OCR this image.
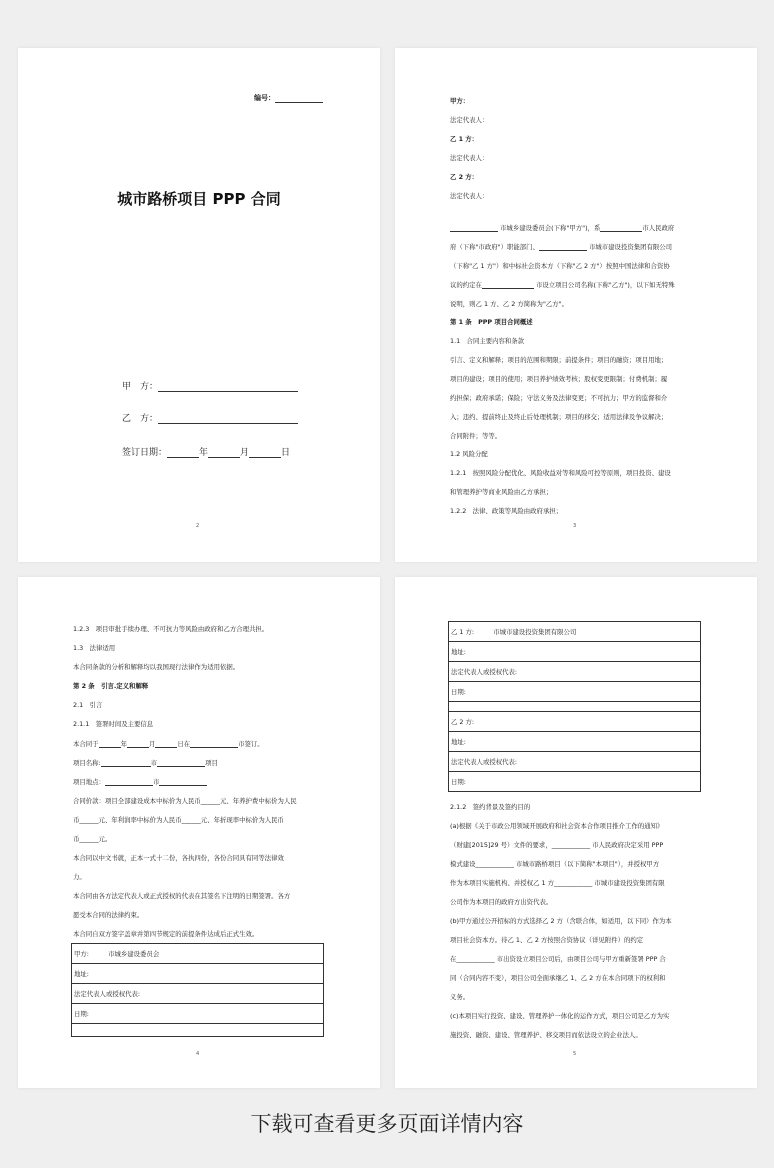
编号：
城市路桥项目 PPP 合同
甲　方：
乙　方：
签订日期：	年	月	日
2
甲方：
法定代表人：
乙 1 方：
法定代表人：
乙 2 方：
法定代表人：
市城乡建设委员会(下称"甲方")，系	市人民政府
府（下称"市政府"）职能部门、	市城市建设投资集团有限公司
（下称"乙 1 方"）和中标社会资本方（下称"乙 2 方"）按照中国法律和合资协
议的约定在	市设立项目公司名称(下称"乙方")，以下如无特殊
说明，则乙 1 方、乙 2 方简称为"乙方"。
第 1 条　PPP 项目合同概述
1.1　合同主要内容和条款
引言、定义和解释；项目的范围和期限；前提条件；项目的融资；项目用地；
项目的建设；项目的使用；项目养护绩效考核；股权变更限制；付费机制；履
约担保；政府承诺；保险；守法义务及法律变更；不可抗力；甲方的监督和介
入；违约、提前终止及终止后处理机制；项目的移交；适用法律及争议解决；
合同附件；等等。
1.2 风险分配
1.2.1　按照风险分配优化、风险收益对等和风险可控等原则，项目投资、建设
和管理养护等商业风险由乙方承担；
1.2.2　法律、政策等风险由政府承担；
3
1.2.3　项目审批手续办理、不可抗力等风险由政府和乙方合理共担。
1.3　法律适用
本合同条款的分析和解释均以我国现行法律作为适用依据。
第 2 条　引言.定义和解释
2.1　引言
2.1.1　签署时间及主要信息
本合同于	年	月	日在	市签订。
项目名称:	市	项目
项目地点：	市
合同价款：项目全部建设成本中标价为人民币______元、年养护费中标价为人民
币______元、年利润率中标价为人民币______元、年折现率中标价为人民币
币______元。
本合同以中文书就，正本一式十二份，各执四份，各份合同具有同等法律效
力。
本合同由各方法定代表人或正式授权的代表在其签名下注明的日期签署。各方
愿受本合同的法律约束。
本合同自双方签字盖章并第四节规定的前提条件达成后正式生效。
甲方:　　　市城乡建设委员会
地址:
法定代表人或授权代表:
日期:

4
乙 1 方:　　　市城市建设投资集团有限公司
地址:
法定代表人或授权代表:
日期:

乙 2 方:
地址:
法定代表人或授权代表:
日期:
2.1.2　签约背景及签约目的
(a)根据《关于市政公用领域开展政府和社会资本合作项目推介工作的通知》
（财建[2015]29 号）文件的要求，____________ 市人民政府决定采用 PPP
模式建设____________ 市城市路桥项目（以下简称"本项目"），并授权甲方
作为本项目实施机构、并授权乙 1 方____________ 市城市建设投资集团有限
公司作为本项目的政府方出资代表。
(b)甲方通过公开招标的方式选择乙 2 方（含联合体，如适用，以下同）作为本
项目社会资本方。待乙 1、乙 2 方按照合资协议（详见附件）的约定
在____________ 市出资设立项目公司后，由项目公司与甲方重新签署 PPP 合
同（合同内容不变），项目公司全面承继乙 1、乙 2 方在本合同项下的权利和
义务。
(c)本项目实行投资、建设、管理养护一体化的运作方式，项目公司是乙方为实
施投资、融资、建设、管理养护、移交项目而依法设立的企业法人。
5
下载可查看更多页面详情内容
